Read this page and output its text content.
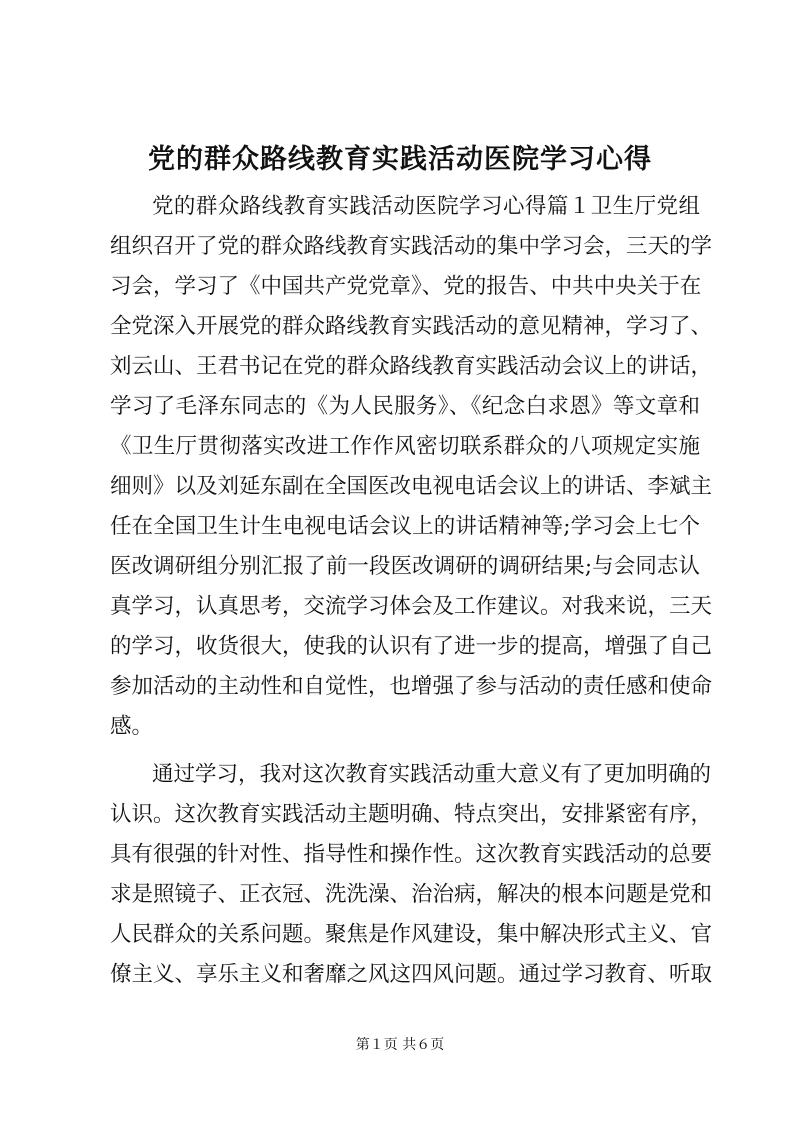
党的群众路线教育实践活动医院学习心得

党的群众路线教育实践活动医院学习心得篇１卫生厅党组

组织召开了党的群众路线教育实践活动的集中学习会，三天的学

习会，学习了《中国共产党党章》、党的报告、中共中央关于在

全党深入开展党的群众路线教育实践活动的意见精神，学习了、

刘云山、王君书记在党的群众路线教育实践活动会议上的讲话，

学习了毛泽东同志的《为人民服务》、《纪念白求恩》等文章和

《卫生厅贯彻落实改进工作作风密切联系群众的八项规定实施

细则》以及刘延东副在全国医改电视电话会议上的讲话、李斌主

任在全国卫生计生电视电话会议上的讲话精神等;学习会上七个

医改调研组分别汇报了前一段医改调研的调研结果;与会同志认

真学习，认真思考，交流学习体会及工作建议。对我来说，三天

的学习，收货很大，使我的认识有了进一步的提高，增强了自己

参加活动的主动性和自觉性，也增强了参与活动的责任感和使命

感。

通过学习，我对这次教育实践活动重大意义有了更加明确的

认识。这次教育实践活动主题明确、特点突出，安排紧密有序，

具有很强的针对性、指导性和操作性。这次教育实践活动的总要

求是照镜子、正衣冠、洗洗澡、治治病，解决的根本问题是党和

人民群众的关系问题。聚焦是作风建设，集中解决形式主义、官

僚主义、享乐主义和奢靡之风这四风问题。通过学习教育、听取

第１页 共６页
